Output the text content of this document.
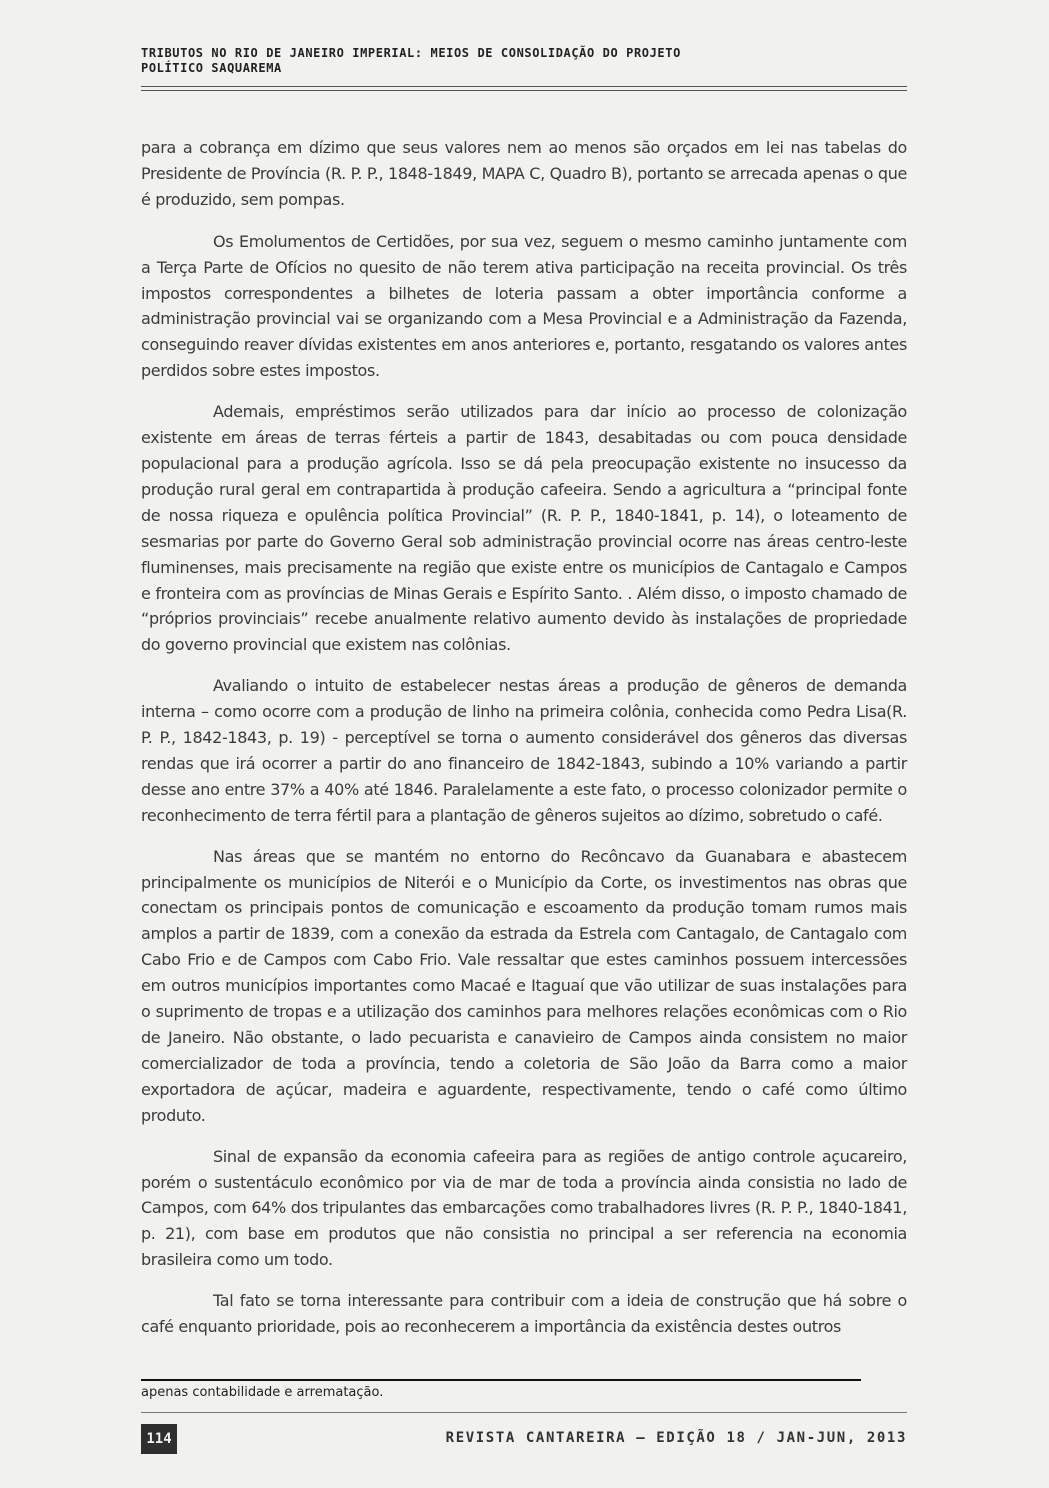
TRIBUTOS NO RIO DE JANEIRO IMPERIAL: MEIOS DE CONSOLIDAÇÃO DO PROJETO POLÍTICO SAQUAREMA

para a cobrança em dízimo que seus valores nem ao menos são orçados em lei nas tabelas do Presidente de Província (R. P. P., 1848-1849, MAPA C, Quadro B), portanto se arrecada apenas o que é produzido, sem pompas.

Os Emolumentos de Certidões, por sua vez, seguem o mesmo caminho juntamente com a Terça Parte de Ofícios no quesito de não terem ativa participação na receita provincial. Os três impostos correspondentes a bilhetes de loteria passam a obter importância conforme a administração provincial vai se organizando com a Mesa Provincial e a Administração da Fazenda, conseguindo reaver dívidas existentes em anos anteriores e, portanto, resgatando os valores antes perdidos sobre estes impostos.

Ademais, empréstimos serão utilizados para dar início ao processo de colonização existente em áreas de terras férteis a partir de 1843, desabitadas ou com pouca densidade populacional para a produção agrícola. Isso se dá pela preocupação existente no insucesso da produção rural geral em contrapartida à produção cafeeira. Sendo a agricultura a “principal fonte de nossa riqueza e opulência política Provincial” (R. P. P., 1840-1841, p. 14), o loteamento de sesmarias por parte do Governo Geral sob administração provincial ocorre nas áreas centro-leste fluminenses, mais precisamente na região que existe entre os municípios de Cantagalo e Campos e fronteira com as províncias de Minas Gerais e Espírito Santo. . Além disso, o imposto chamado de “próprios provinciais” recebe anualmente relativo aumento devido às instalações de propriedade do governo provincial que existem nas colônias.

Avaliando o intuito de estabelecer nestas áreas a produção de gêneros de demanda interna – como ocorre com a produção de linho na primeira colônia, conhecida como Pedra Lisa(R. P. P., 1842-1843, p. 19) - perceptível se torna o aumento considerável dos gêneros das diversas rendas que irá ocorrer a partir do ano financeiro de 1842-1843, subindo a 10% variando a partir desse ano entre 37% a 40% até 1846. Paralelamente a este fato, o processo colonizador permite o reconhecimento de terra fértil para a plantação de gêneros sujeitos ao dízimo, sobretudo o café.

Nas áreas que se mantém no entorno do Recôncavo da Guanabara e abastecem principalmente os municípios de Niterói e o Município da Corte, os investimentos nas obras que conectam os principais pontos de comunicação e escoamento da produção tomam rumos mais amplos a partir de 1839, com a conexão da estrada da Estrela com Cantagalo, de Cantagalo com Cabo Frio e de Campos com Cabo Frio. Vale ressaltar que estes caminhos possuem intercessões em outros municípios importantes como Macaé e Itaguaí que vão utilizar de suas instalações para o suprimento de tropas e a utilização dos caminhos para melhores relações econômicas com o Rio de Janeiro. Não obstante, o lado pecuarista e canavieiro de Campos ainda consistem no maior comercializador de toda a província, tendo a coletoria de São João da Barra como a maior exportadora de açúcar, madeira e aguardente, respectivamente, tendo o café como último produto.

Sinal de expansão da economia cafeeira para as regiões de antigo controle açucareiro, porém o sustentáculo econômico por via de mar de toda a província ainda consistia no lado de Campos, com 64% dos tripulantes das embarcações como trabalhadores livres (R. P. P., 1840-1841, p. 21), com base em produtos que não consistia no principal a ser referencia na economia brasileira como um todo.

Tal fato se torna interessante para contribuir com a ideia de construção que há sobre o café enquanto prioridade, pois ao reconhecerem a importância da existência destes outros

apenas contabilidade e arrematação.
114	REVISTA CANTAREIRA – EDIÇÃO 18 / JAN-JUN, 2013
